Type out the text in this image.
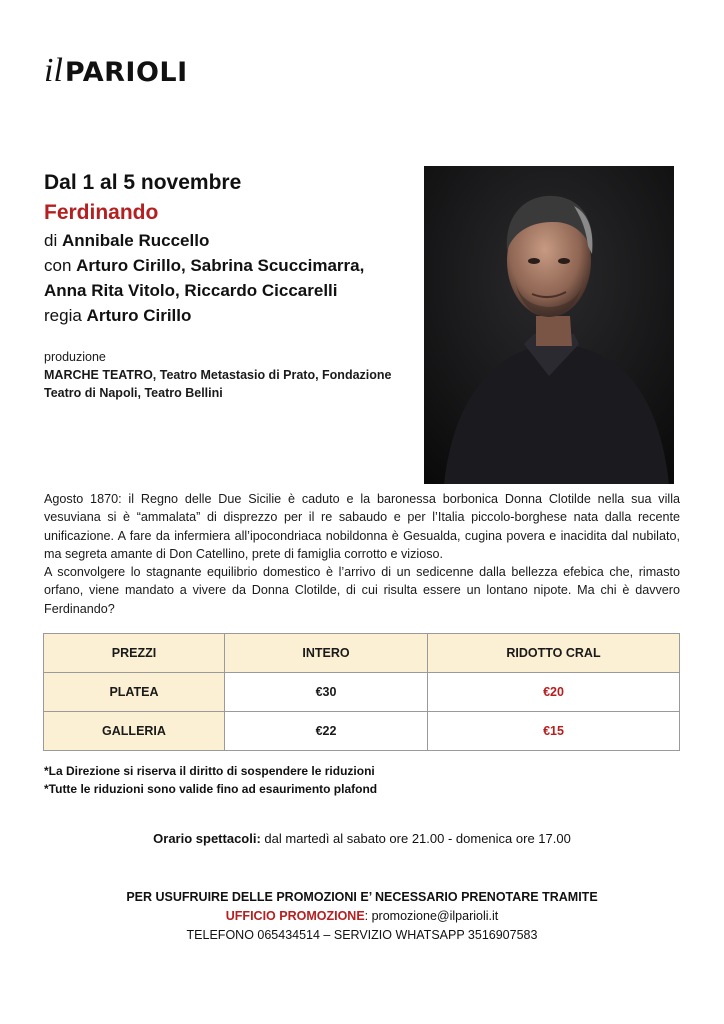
il PARIOLI
Dal 1 al 5 novembre
Ferdinando
di Annibale Ruccello
con Arturo Cirillo, Sabrina Scuccimarra,
Anna Rita Vitolo, Riccardo Ciccarelli
regia Arturo Cirillo
produzione
MARCHE TEATRO, Teatro Metastasio di Prato, Fondazione Teatro di Napoli, Teatro Bellini

Agosto 1870: il Regno delle Due Sicilie è caduto e la baronessa borbonica Donna Clotilde nella sua villa vesuviana si è “ammalata” di disprezzo per il re sabaudo e per l’Italia piccolo-borghese nata dalla recente unificazione. A fare da infermiera all’ipocondriaca nobildonna è Gesualda, cugina povera e inacidita dal nubilato, ma segreta amante di Don Catellino, prete di famiglia corrotto e vizioso.

A sconvolgere lo stagnante equilibrio domestico è l’arrivo di un sedicenne dalla bellezza efebica che, rimasto orfano, viene mandato a vivere da Donna Clotilde, di cui risulta essere un lontano nipote. Ma chi è davvero Ferdinando?

PREZZI	INTERO	RIDOTTO CRAL
PLATEA	€30	€20
GALLERIA	€22	€15
*La Direzione si riserva il diritto di sospendere le riduzioni
*Tutte le riduzioni sono valide fino ad esaurimento plafond
Orario spettacoli: dal martedì al sabato ore 21.00 - domenica ore 17.00
PER USUFRUIRE DELLE PROMOZIONI E’ NECESSARIO PRENOTARE TRAMITE
UFFICIO PROMOZIONE: promozione@ilparioli.it
TELEFONO 065434514 – SERVIZIO WHATSAPP 3516907583
